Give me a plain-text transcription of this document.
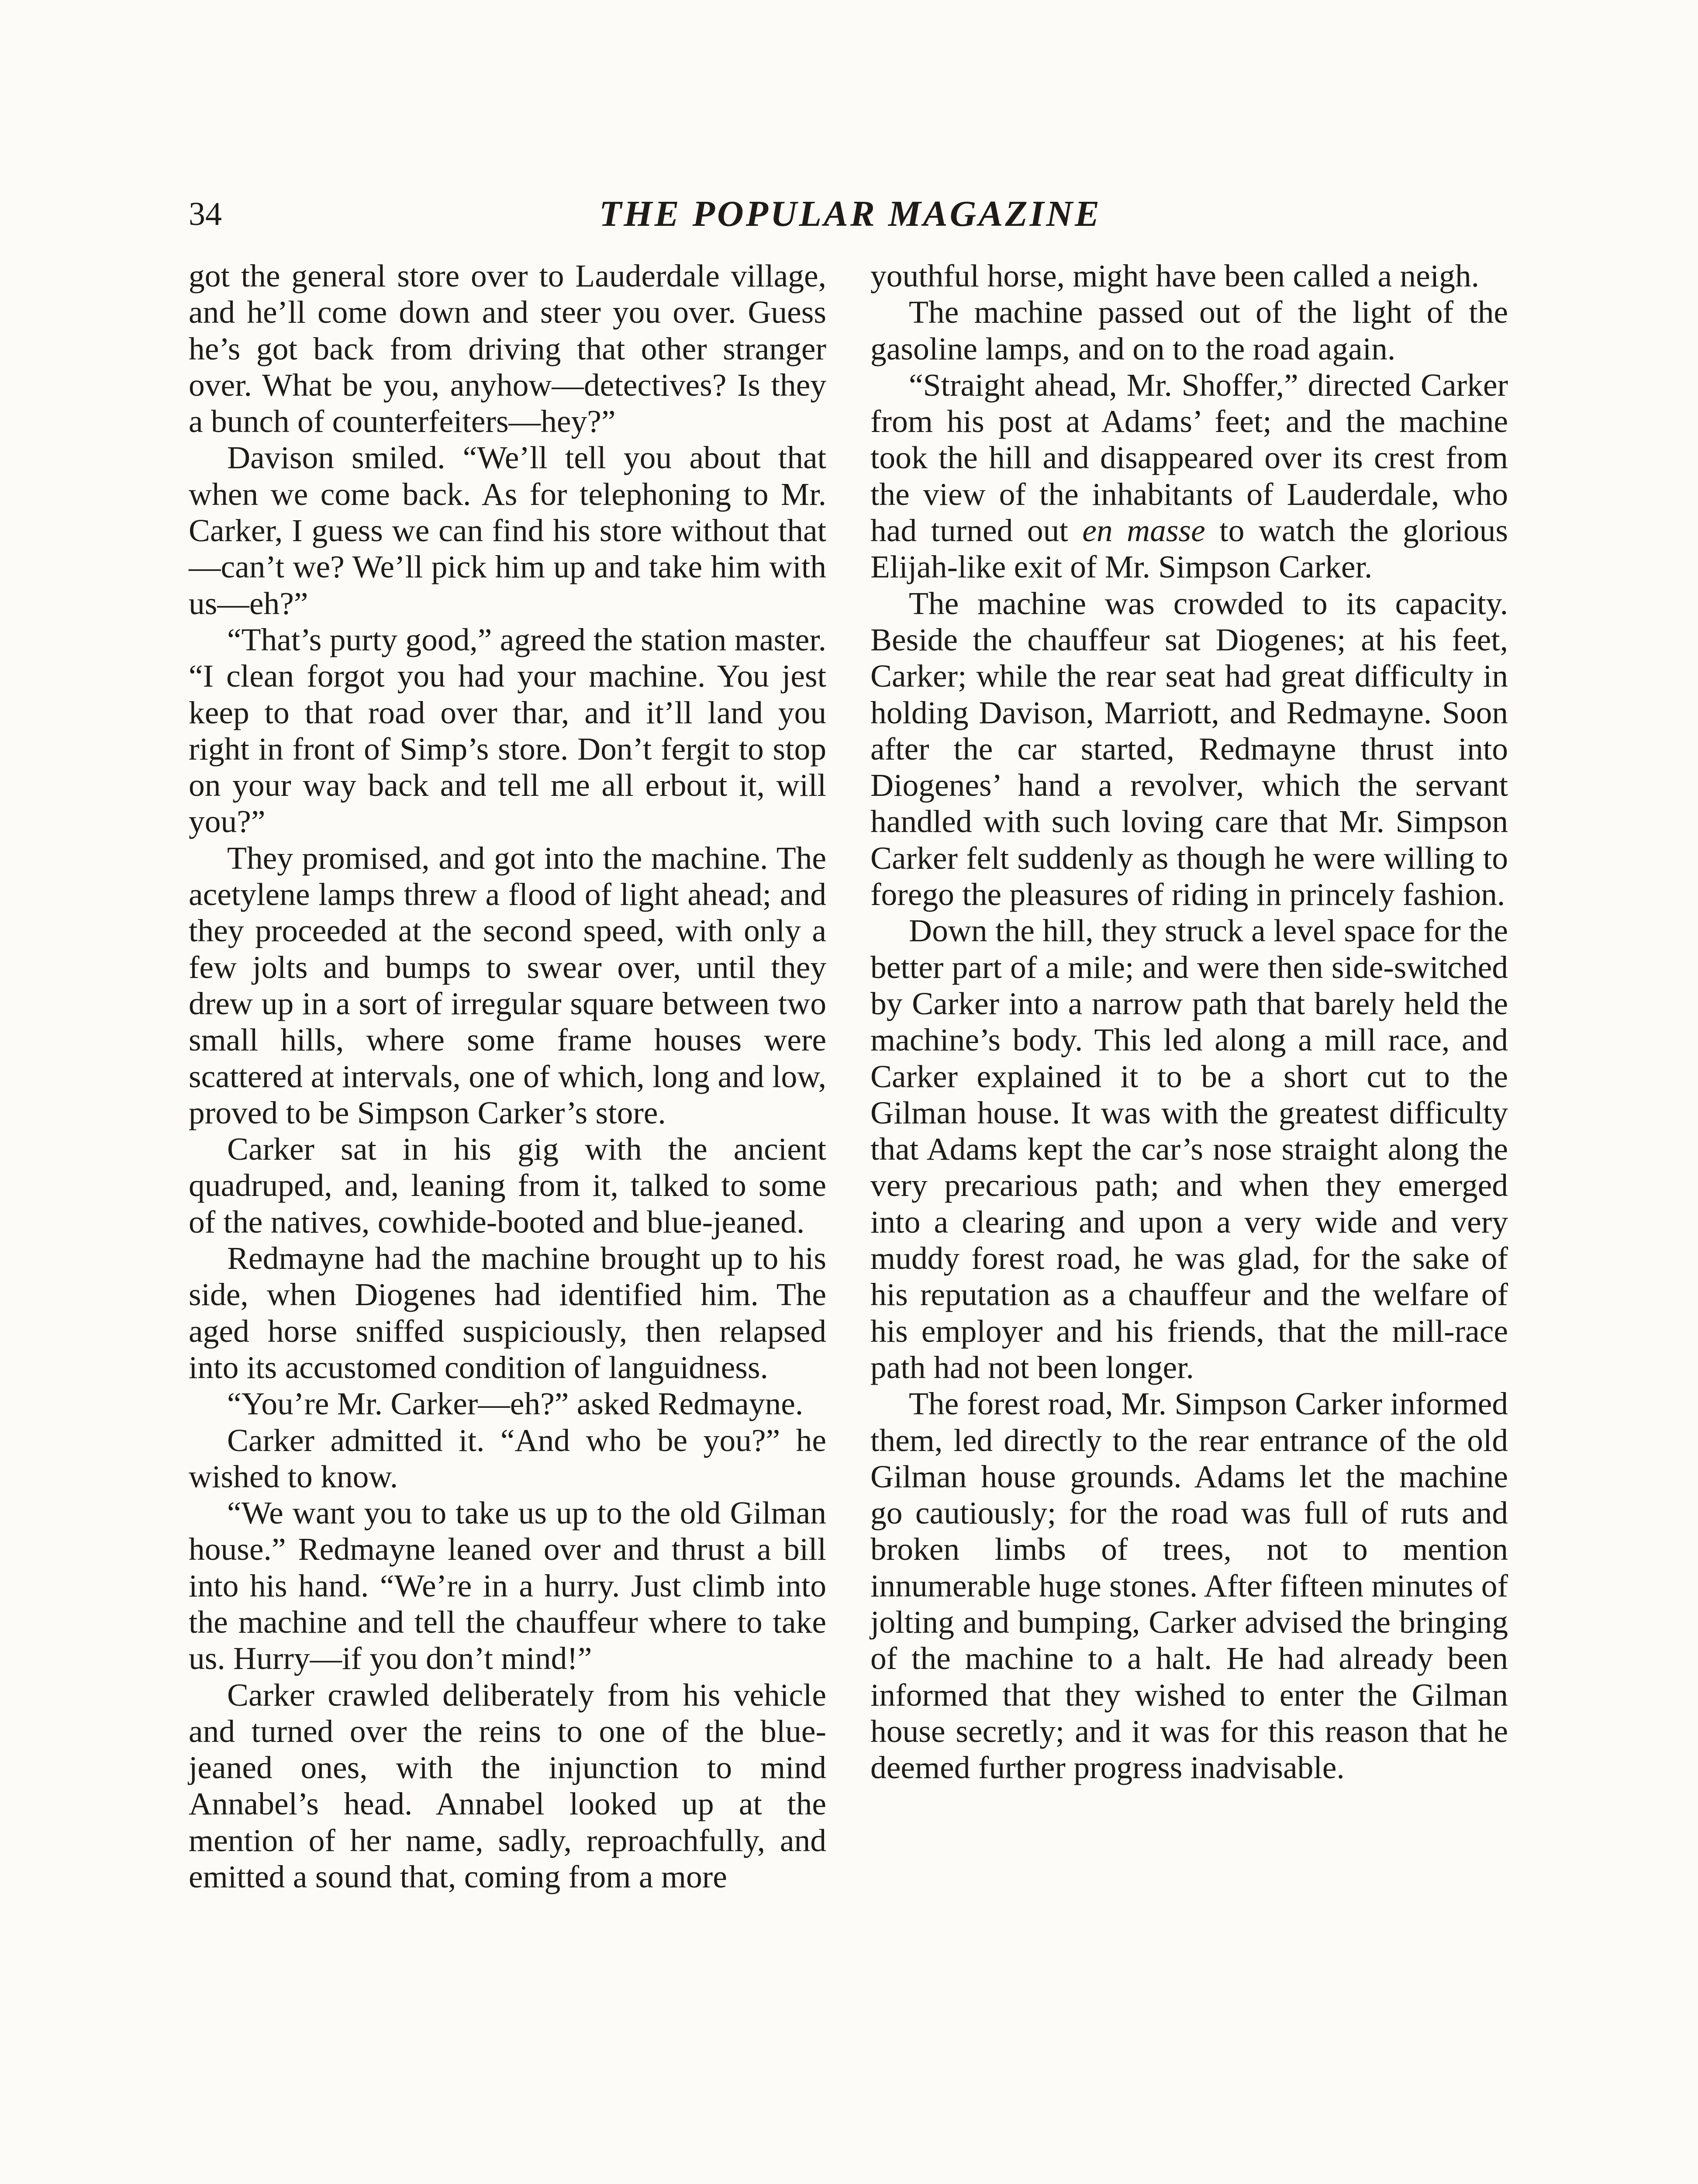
34	THE POPULAR MAGAZINE

got the general store over to Lauderdale village, and he’ll come down and steer you over. Guess he’s got back from driving that other stranger over. What be you, anyhow—detectives? Is they a bunch of counterfeiters—hey?”

Davison smiled. “We’ll tell you about that when we come back. As for telephoning to Mr. Carker, I guess we can find his store without that—can’t we? We’ll pick him up and take him with us—eh?”

“That’s purty good,” agreed the station master. “I clean forgot you had your machine. You jest keep to that road over thar, and it’ll land you right in front of Simp’s store. Don’t fergit to stop on your way back and tell me all erbout it, will you?”

They promised, and got into the machine. The acetylene lamps threw a flood of light ahead; and they proceeded at the second speed, with only a few jolts and bumps to swear over, until they drew up in a sort of irregular square between two small hills, where some frame houses were scattered at intervals, one of which, long and low, proved to be Simpson Carker’s store.

Carker sat in his gig with the ancient quadruped, and, leaning from it, talked to some of the natives, cowhide-booted and blue-jeaned.

Redmayne had the machine brought up to his side, when Diogenes had identified him. The aged horse sniffed suspiciously, then relapsed into its accustomed condition of languidness.

“You’re Mr. Carker—eh?” asked Redmayne.

Carker admitted it. “And who be you?” he wished to know.

“We want you to take us up to the old Gilman house.” Redmayne leaned over and thrust a bill into his hand. “We’re in a hurry. Just climb into the machine and tell the chauffeur where to take us. Hurry—if you don’t mind!”

Carker crawled deliberately from his vehicle and turned over the reins to one of the blue-jeaned ones, with the injunction to mind Annabel’s head. Annabel looked up at the mention of her name, sadly, reproachfully, and emitted a sound that, coming from a more

youthful horse, might have been called a neigh.

The machine passed out of the light of the gasoline lamps, and on to the road again.

“Straight ahead, Mr. Shoffer,” directed Carker from his post at Adams’ feet; and the machine took the hill and disappeared over its crest from the view of the inhabitants of Lauderdale, who had turned out en masse to watch the glorious Elijah-like exit of Mr. Simpson Carker.

The machine was crowded to its capacity. Beside the chauffeur sat Diogenes; at his feet, Carker; while the rear seat had great difficulty in holding Davison, Marriott, and Redmayne. Soon after the car started, Redmayne thrust into Diogenes’ hand a revolver, which the servant handled with such loving care that Mr. Simpson Carker felt suddenly as though he were willing to forego the pleasures of riding in princely fashion.

Down the hill, they struck a level space for the better part of a mile; and were then side-switched by Carker into a narrow path that barely held the machine’s body. This led along a mill race, and Carker explained it to be a short cut to the Gilman house. It was with the greatest difficulty that Adams kept the car’s nose straight along the very precarious path; and when they emerged into a clearing and upon a very wide and very muddy forest road, he was glad, for the sake of his reputation as a chauffeur and the welfare of his employer and his friends, that the mill-race path had not been longer.

The forest road, Mr. Simpson Carker informed them, led directly to the rear entrance of the old Gilman house grounds. Adams let the machine go cautiously; for the road was full of ruts and broken limbs of trees, not to mention innumerable huge stones. After fifteen minutes of jolting and bumping, Carker advised the bringing of the machine to a halt. He had already been informed that they wished to enter the Gilman house secretly; and it was for this reason that he deemed further progress inadvisable.
